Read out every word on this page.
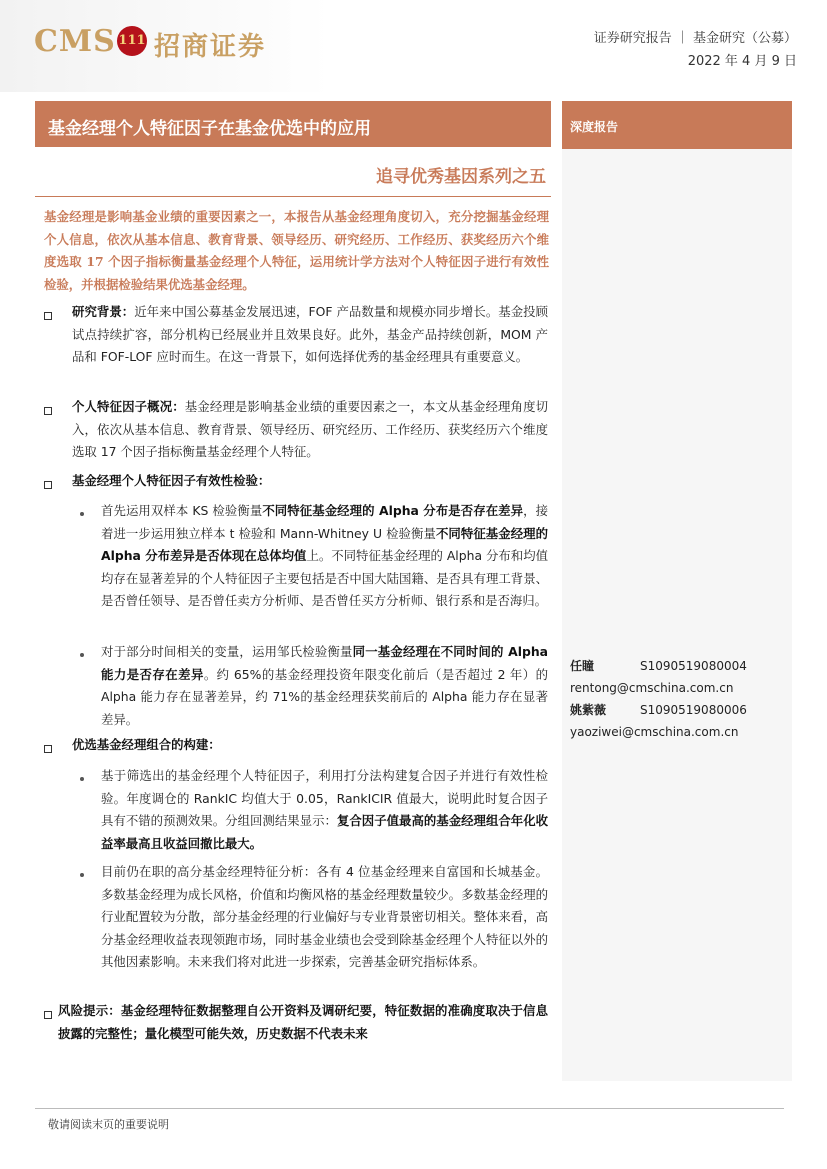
CMS 111 招商证券	证券研究报告 ｜ 基金研究（公募）
2022 年 4 月 9 日
基金经理个人特征因子在基金优选中的应用	深度报告
追寻优秀基因系列之五
基金经理是影响基金业绩的重要因素之一，本报告从基金经理角度切入，充分挖掘基金经理个人信息，依次从基本信息、教育背景、领导经历、研究经历、工作经历、获奖经历六个维度选取 17 个因子指标衡量基金经理个人特征，运用统计学方法对个人特征因子进行有效性检验，并根据检验结果优选基金经理。
研究背景：近年来中国公募基金发展迅速，FOF 产品数量和规模亦同步增长。基金投顾试点持续扩容，部分机构已经展业并且效果良好。此外，基金产品持续创新，MOM 产品和 FOF-LOF 应时而生。在这一背景下，如何选择优秀的基金经理具有重要意义。
个人特征因子概况：基金经理是影响基金业绩的重要因素之一，本文从基金经理角度切入，依次从基本信息、教育背景、领导经历、研究经历、工作经历、获奖经历六个维度选取 17 个因子指标衡量基金经理个人特征。
基金经理个人特征因子有效性检验：
首先运用双样本 KS 检验衡量不同特征基金经理的 Alpha 分布是否存在差异，接着进一步运用独立样本 t 检验和 Mann-Whitney U 检验衡量不同特征基金经理的 Alpha 分布差异是否体现在总体均值上。不同特征基金经理的 Alpha 分布和均值均存在显著差异的个人特征因子主要包括是否中国大陆国籍、是否具有理工背景、是否曾任领导、是否曾任卖方分析师、是否曾任买方分析师、银行系和是否海归。
对于部分时间相关的变量，运用邹氏检验衡量同一基金经理在不同时间的 Alpha 能力是否存在差异。约 65%的基金经理投资年限变化前后（是否超过 2 年）的 Alpha 能力存在显著差异，约 71%的基金经理获奖前后的 Alpha 能力存在显著差异。
优选基金经理组合的构建：
基于筛选出的基金经理个人特征因子，利用打分法构建复合因子并进行有效性检验。年度调仓的 RankIC 均值大于 0.05，RankICIR 值最大，说明此时复合因子具有不错的预测效果。分组回测结果显示：复合因子值最高的基金经理组合年化收益率最高且收益回撤比最大。
目前仍在职的高分基金经理特征分析：各有 4 位基金经理来自富国和长城基金。多数基金经理为成长风格，价值和均衡风格的基金经理数量较少。多数基金经理的行业配置较为分散，部分基金经理的行业偏好与专业背景密切相关。整体来看，高分基金经理收益表现领跑市场，同时基金业绩也会受到除基金经理个人特征以外的其他因素影响。未来我们将对此进一步探索，完善基金研究指标体系。
风险提示：基金经理特征数据整理自公开资料及调研纪要，特征数据的准确度取决于信息披露的完整性；量化模型可能失效，历史数据不代表未来
任瞳	S1090519080004
rentong@cmschina.com.cn
姚紫薇	S1090519080006
yaoziwei@cmschina.com.cn
敬请阅读末页的重要说明
